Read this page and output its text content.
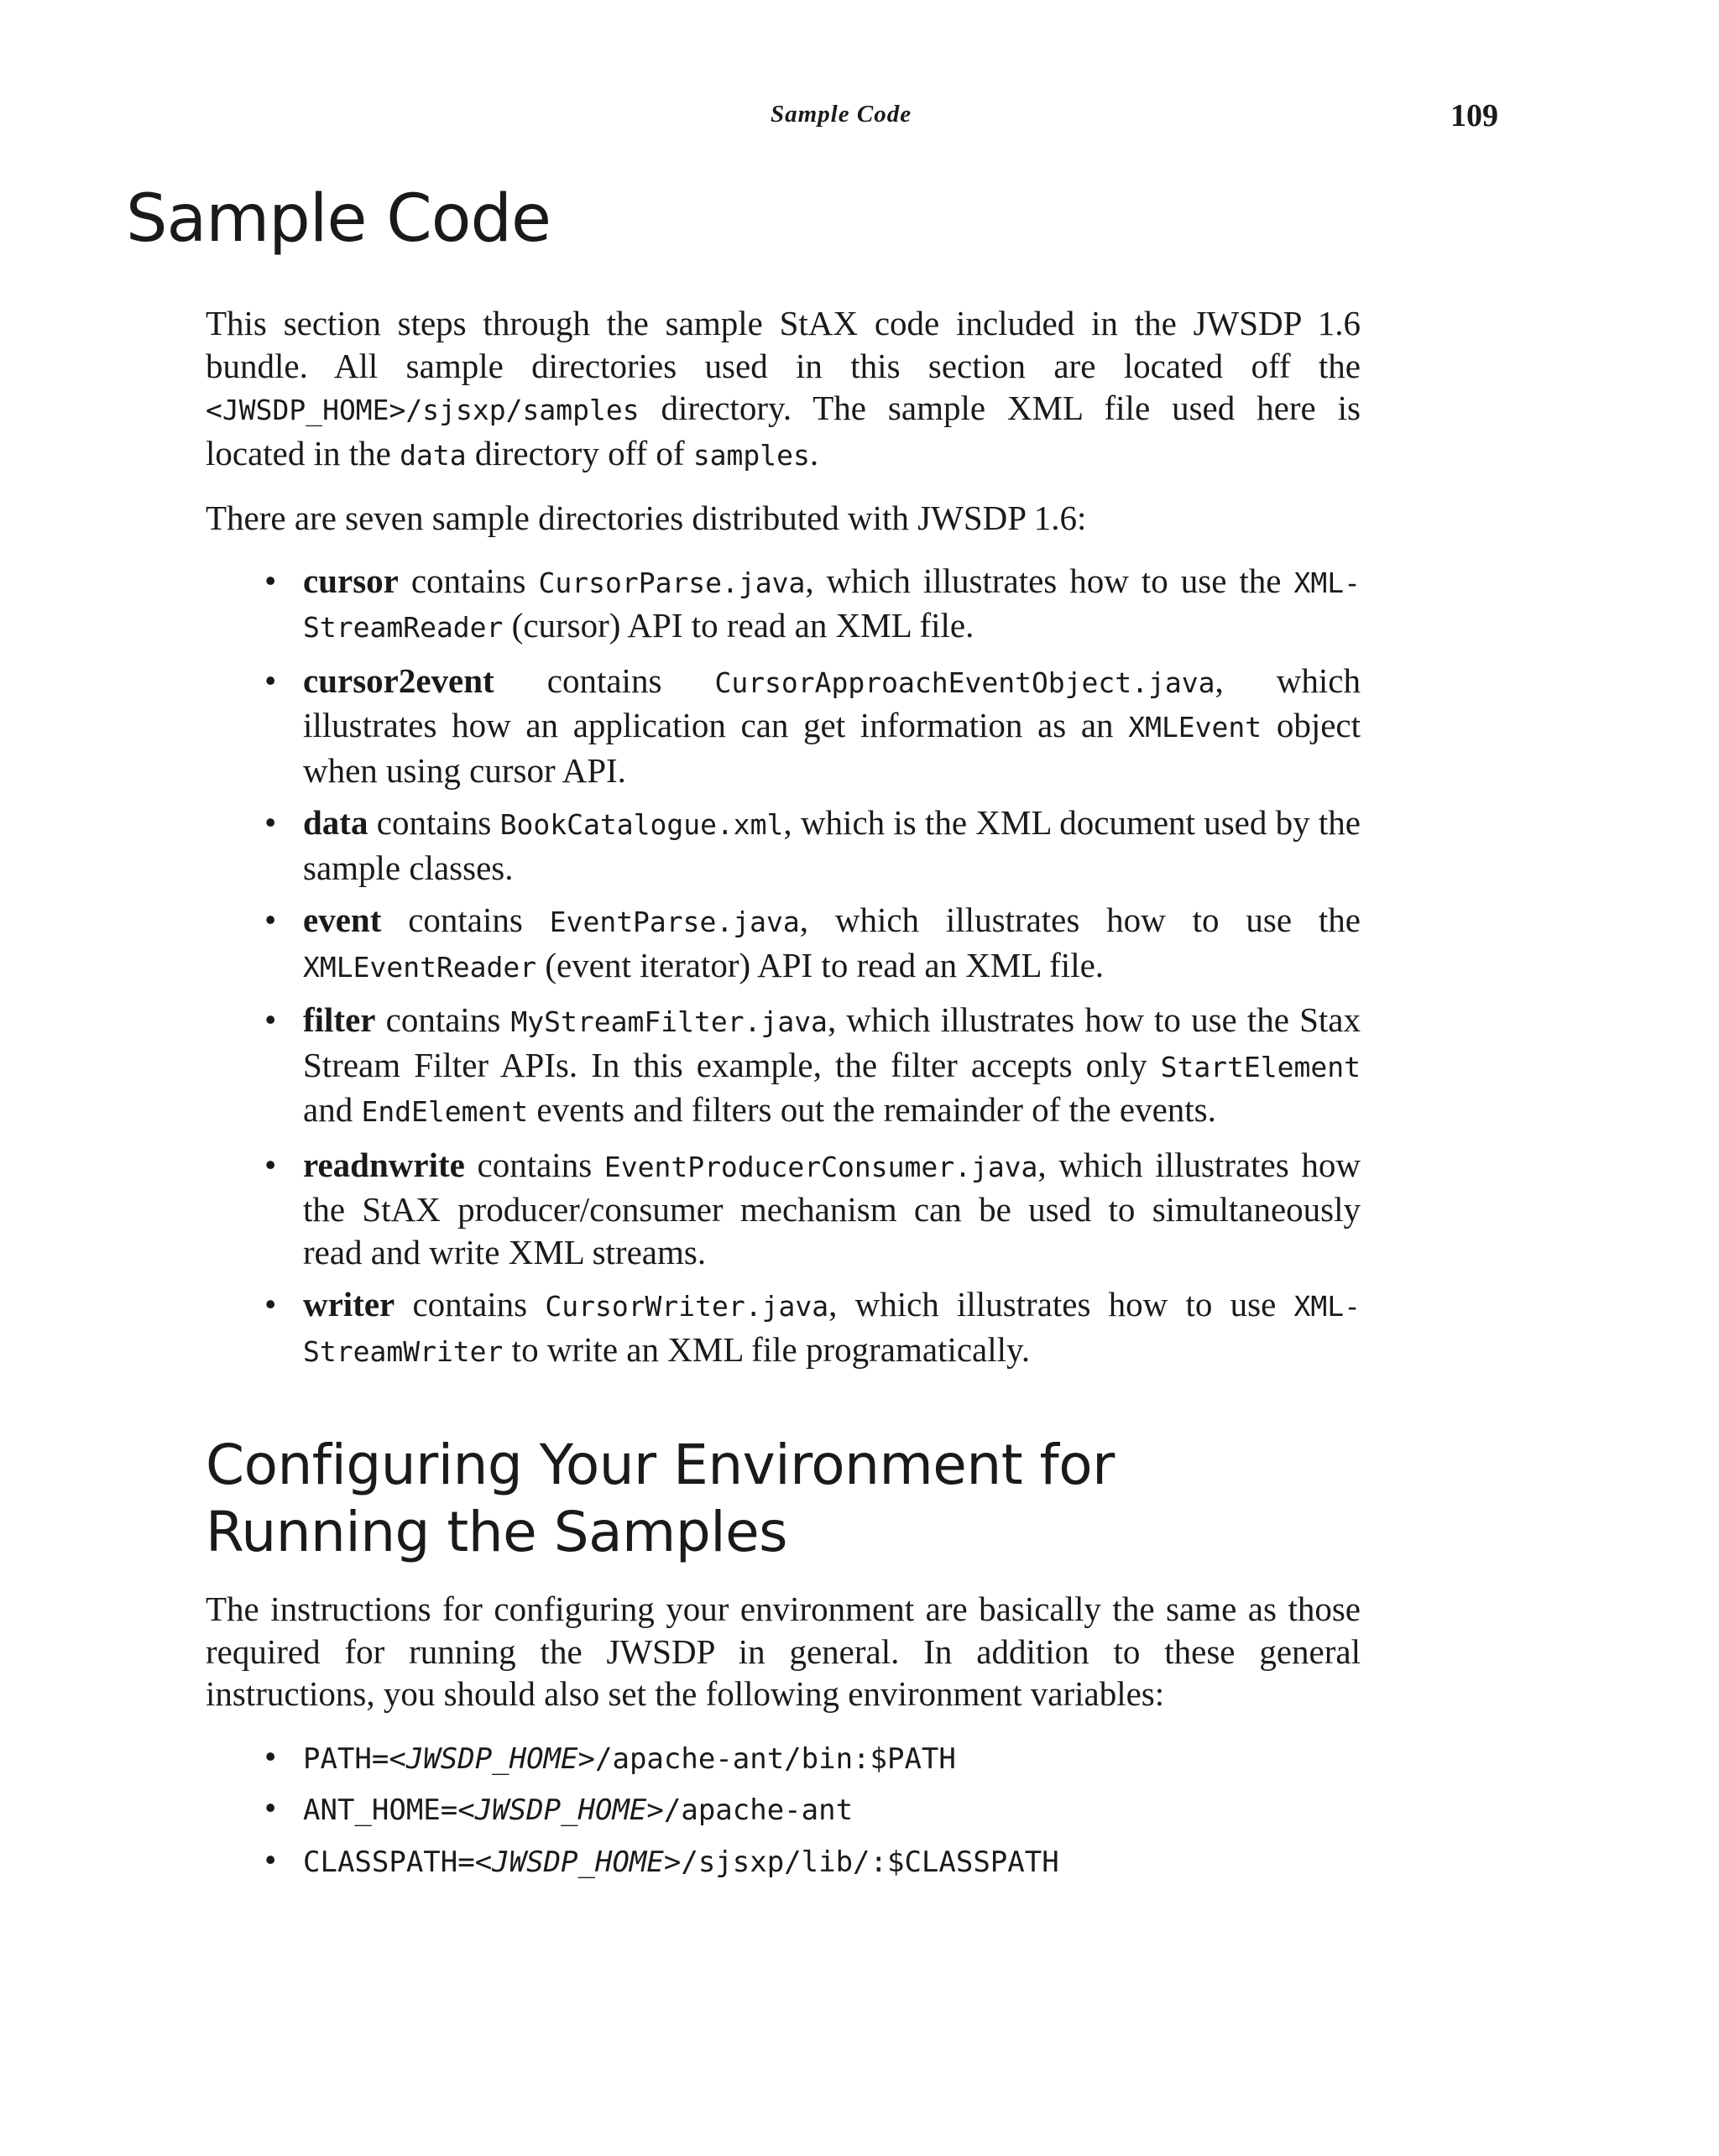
Sample Code	109
Sample Code

This section steps through the sample StAX code included in the JWSDP 1.6 bundle. All sample directories used in this section are located off the <JWSDP_HOME>/sjsxp/samples directory. The sample XML file used here is located in the data directory off of samples.

There are seven sample directories distributed with JWSDP 1.6:

• cursor contains CursorParse.java, which illustrates how to use the XML-StreamReader (cursor) API to read an XML file.
• cursor2event contains CursorApproachEventObject.java, which illustrates how an application can get information as an XMLEvent object when using cursor API.
• data contains BookCatalogue.xml, which is the XML document used by the sample classes.
• event contains EventParse.java, which illustrates how to use the XMLEventReader (event iterator) API to read an XML file.
• filter contains MyStreamFilter.java, which illustrates how to use the Stax Stream Filter APIs. In this example, the filter accepts only StartElement and EndElement events and filters out the remainder of the events.
• readnwrite contains EventProducerConsumer.java, which illustrates how the StAX producer/consumer mechanism can be used to simultaneously read and write XML streams.
• writer contains CursorWriter.java, which illustrates how to use XML-StreamWriter to write an XML file programatically.
Configuring Your Environment for
Running the Samples

The instructions for configuring your environment are basically the same as those required for running the JWSDP in general. In addition to these general instructions, you should also set the following environment variables:

• PATH=<JWSDP_HOME>/apache-ant/bin:$PATH
• ANT_HOME=<JWSDP_HOME>/apache-ant
• CLASSPATH=<JWSDP_HOME>/sjsxp/lib/:$CLASSPATH
